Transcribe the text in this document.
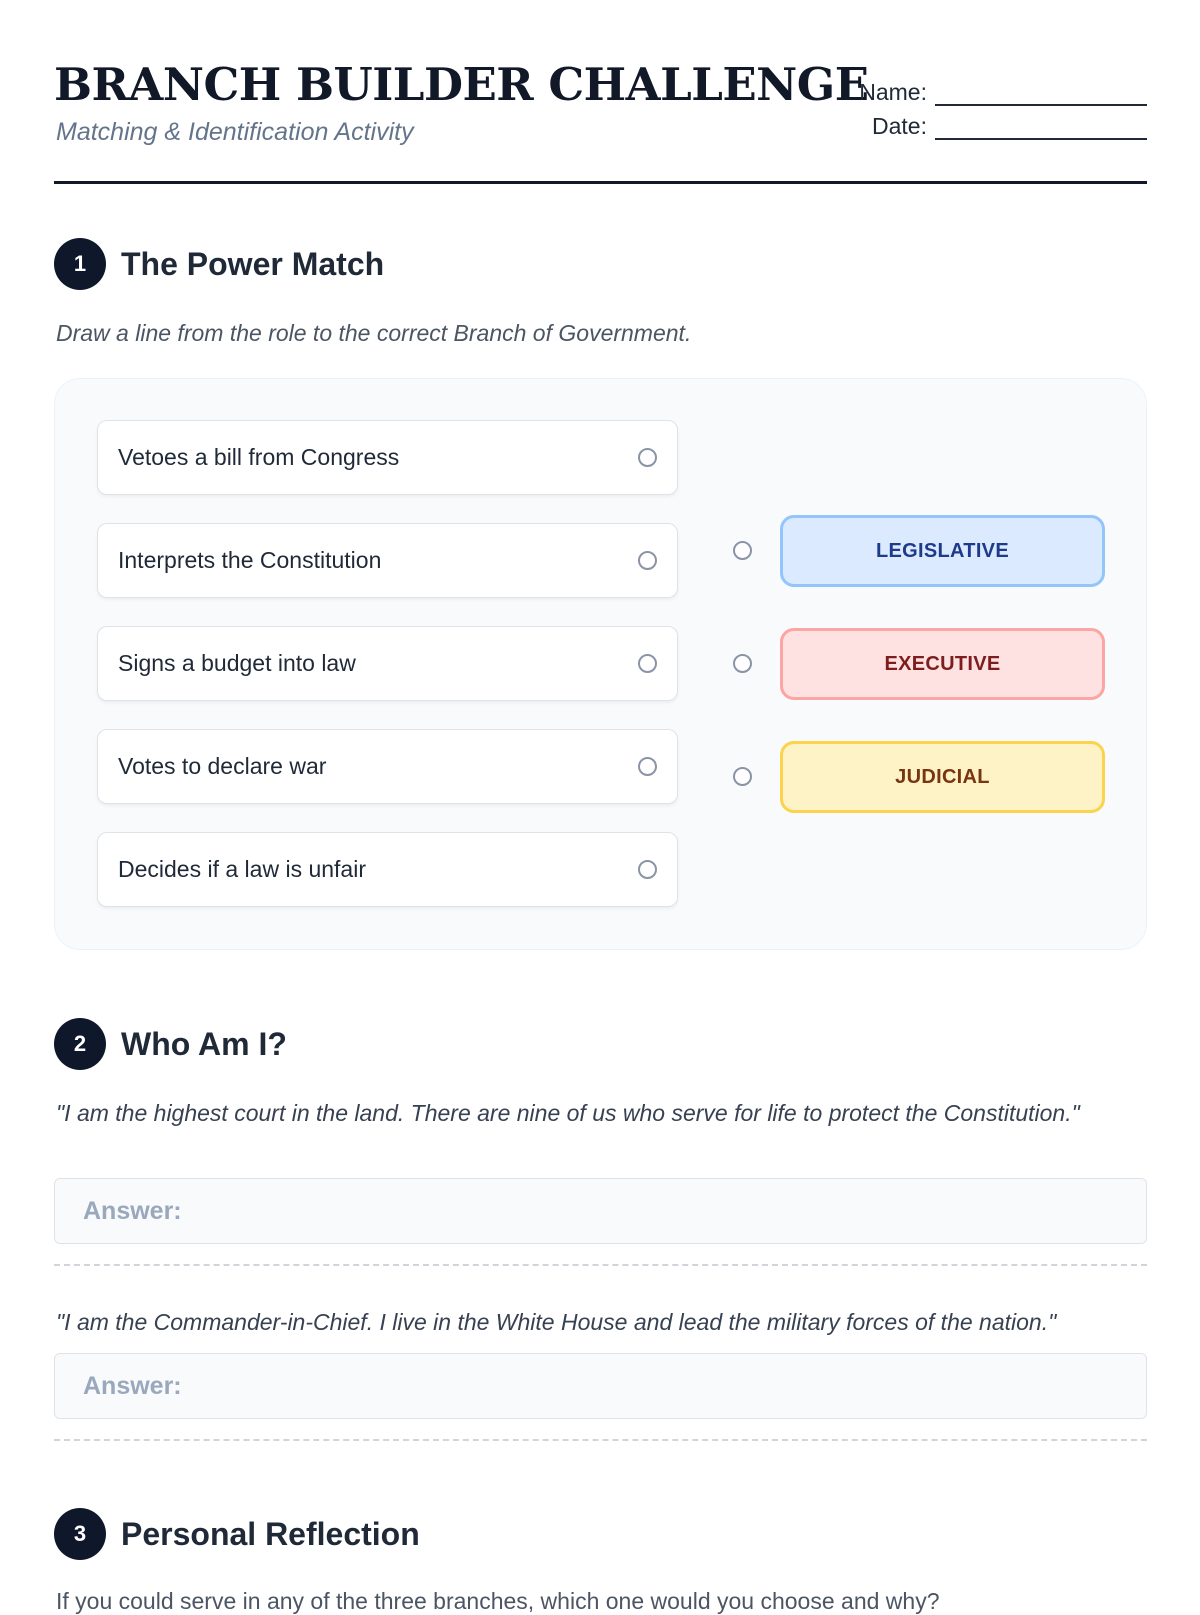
BRANCH BUILDER CHALLENGE
Matching & Identification Activity
Name:
Date:
1	The Power Match
Draw a line from the role to the correct Branch of Government.
Vetoes a bill from Congress
Interprets the Constitution
Signs a budget into law
Votes to declare war
Decides if a law is unfair
LEGISLATIVE
EXECUTIVE
JUDICIAL
2	Who Am I?
"I am the highest court in the land. There are nine of us who serve for life to protect the Constitution."
Answer:
"I am the Commander-in-Chief. I live in the White House and lead the military forces of the nation."
Answer:
3	Personal Reflection
If you could serve in any of the three branches, which one would you choose and why?
